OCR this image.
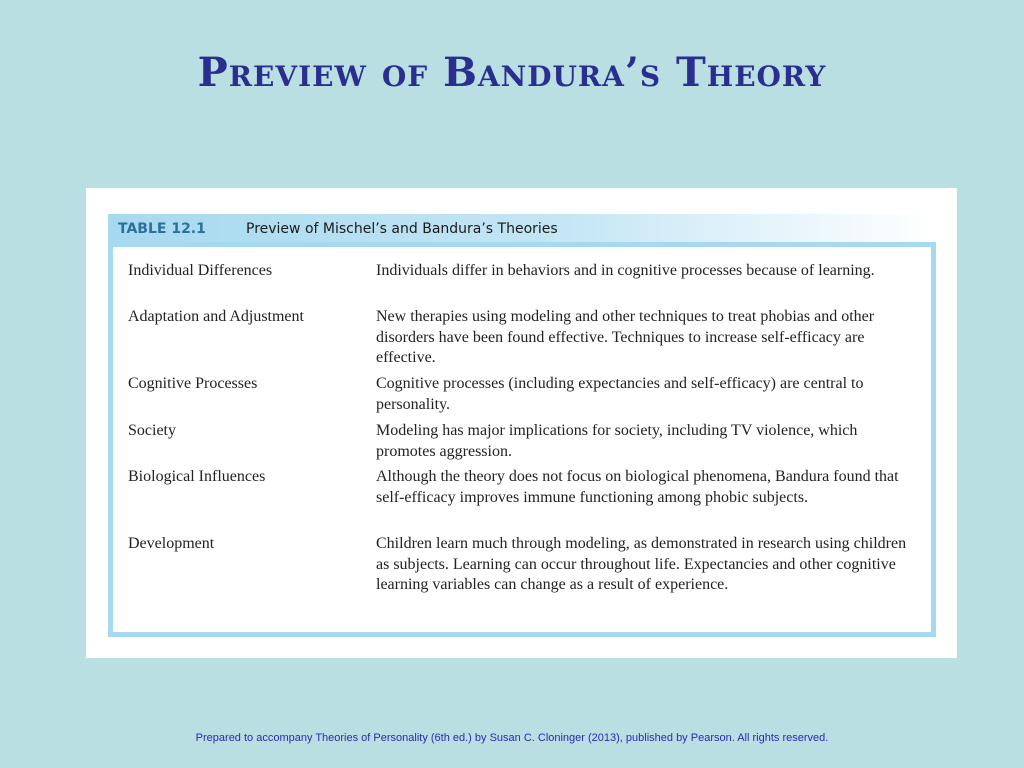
Preview of Bandura’s Theory
TABLE 12.1	Preview of Mischel’s and Bandura’s Theories
Individual Differences	Individuals differ in behaviors and in cognitive processes because of learning.
Adaptation and Adjustment	New therapies using modeling and other techniques to treat phobias and other disorders have been found effective. Techniques to increase self-efficacy are effective.
Cognitive Processes	Cognitive processes (including expectancies and self-efficacy) are central to personality.
Society	Modeling has major implications for society, including TV violence, which promotes aggression.
Biological Influences	Although the theory does not focus on biological phenomena, Bandura found that self-efficacy improves immune functioning among phobic subjects.
Development	Children learn much through modeling, as demonstrated in research using children as subjects. Learning can occur throughout life. Expectancies and other cognitive learning variables can change as a result of experience.
Prepared to accompany Theories of Personality (6th ed.) by Susan C. Cloninger (2013), published by Pearson. All rights reserved.
